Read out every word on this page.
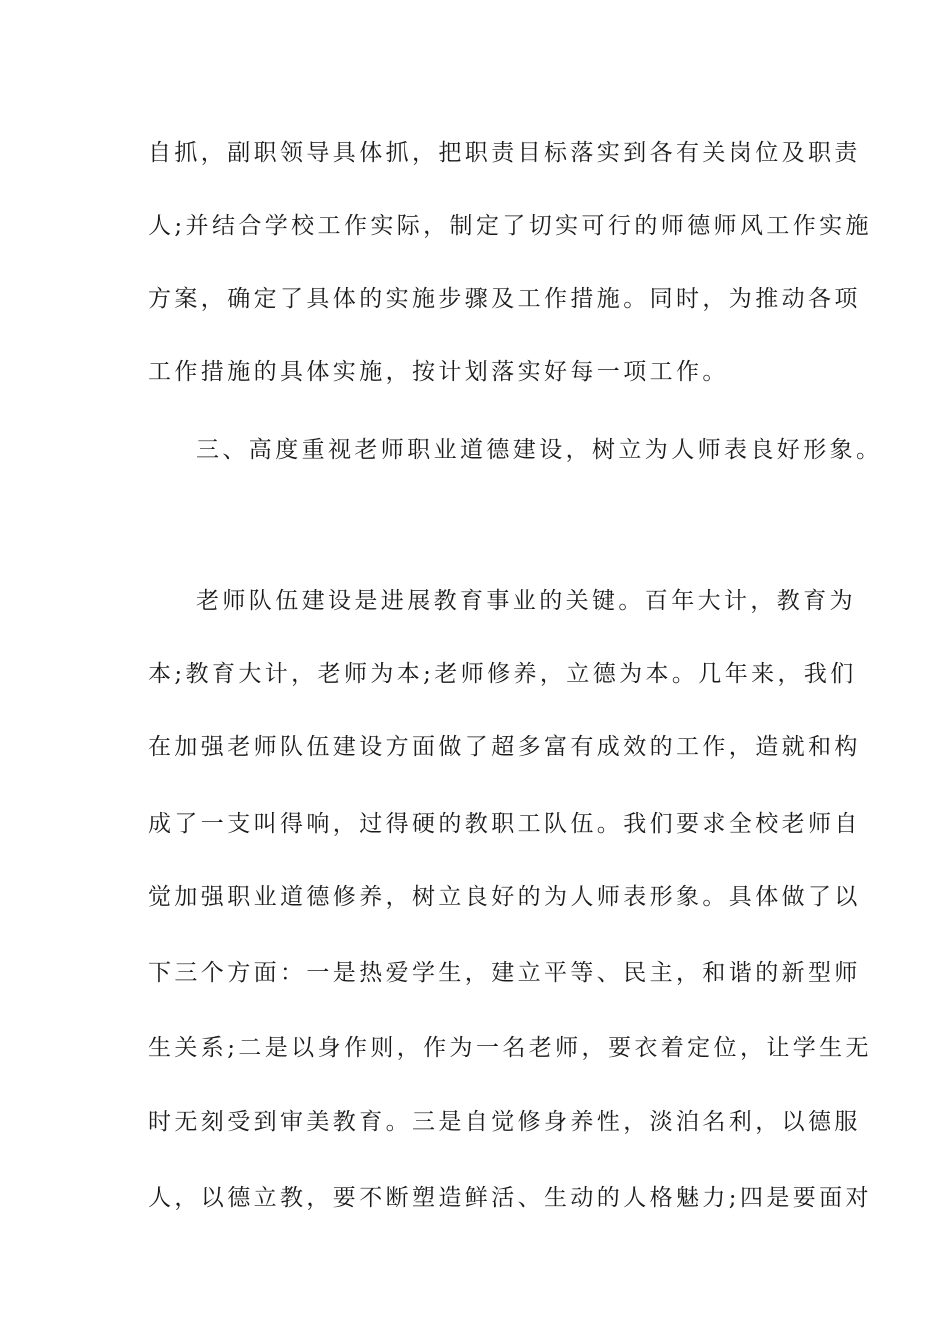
自抓，副职领导具体抓，把职责目标落实到各有关岗位及职责
人;并结合学校工作实际，制定了切实可行的师德师风工作实施
方案，确定了具体的实施步骤及工作措施。同时，为推动各项
工作措施的具体实施，按计划落实好每一项工作。
三、高度重视老师职业道德建设，树立为人师表良好形象。
老师队伍建设是进展教育事业的关键。百年大计，教育为
本;教育大计，老师为本;老师修养，立德为本。几年来，我们
在加强老师队伍建设方面做了超多富有成效的工作，造就和构
成了一支叫得响，过得硬的教职工队伍。我们要求全校老师自
觉加强职业道德修养，树立良好的为人师表形象。具体做了以
下三个方面：一是热爱学生，建立平等、民主，和谐的新型师
生关系;二是以身作则，作为一名老师，要衣着定位，让学生无
时无刻受到审美教育。三是自觉修身养性，淡泊名利，以德服
人，以德立教，要不断塑造鲜活、生动的人格魅力;四是要面对
